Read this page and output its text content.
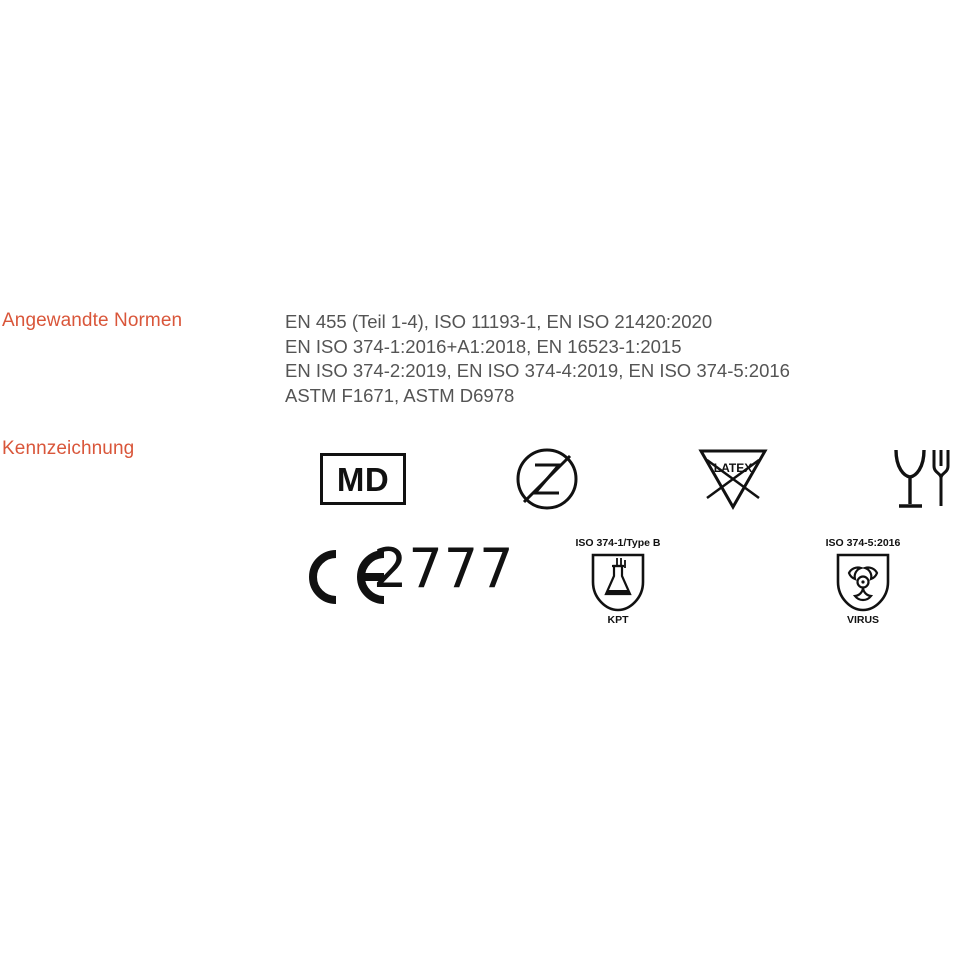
Angewandte Normen	EN 455 (Teil 1-4), ISO 11193-1, EN ISO 21420:2020
EN ISO 374-1:2016+A1:2018, EN 16523-1:2015
EN ISO 374-2:2019, EN ISO 374-4:2019, EN ISO 374-5:2016
ASTM F1671, ASTM D6978
Kennzeichnung
MD	LATEX
2777	ISO 374-1/Type B
KPT
ISO 374-5:2016
VIRUS
